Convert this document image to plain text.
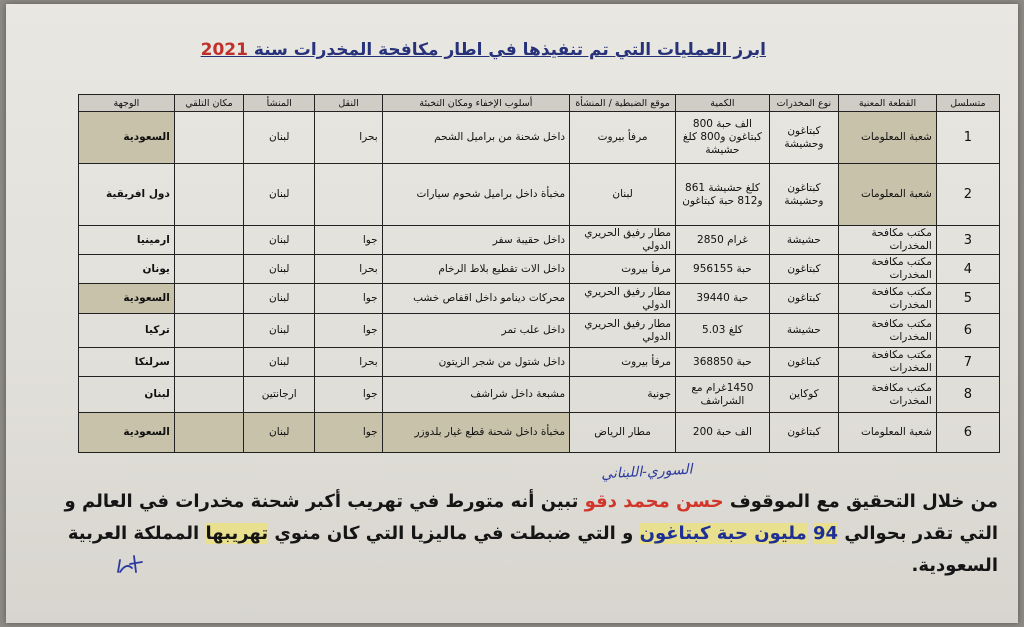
ابرز العمليات التي تم تنفيذها في اطار مكافحة المخدرات سنة 2021
متسلسل	القطعة المعنية	نوع المخدرات	الكمية	موقع الضبطية / المنشأة	أسلوب الإخفاء ومكان التخبئة	النقل	المنشأ	مكان التلقي	الوجهة
1	شعبة المعلومات	كبتاغون وحشيشة	الف حبة 800 كبتاغون و800 كلغ حشيشة	مرفأ بيروت	داخل شحنة من براميل الشحم	بحرا	لبنان		السعودية
2	شعبة المعلومات	كبتاغون وحشيشة	كلغ حشيشة 861 و812 حبة كبتاغون	لبنان	مخبأة داخل براميل شحوم سيارات		لبنان		دول افريقية
3	مكتب مكافحة المخدرات	حشيشة	غرام 2850	مطار رفيق الحريري الدولي	داخل حقيبة سفر	جوا	لبنان		ارمينيا
4	مكتب مكافحة المخدرات	كبتاغون	حبة 956155	مرفأ بيروت	داخل الات تقطيع بلاط الرخام	بحرا	لبنان		يونان
5	مكتب مكافحة المخدرات	كبتاغون	حبة 39440	مطار رفيق الحريري الدولي	محركات دينامو داخل اقفاص خشب	جوا	لبنان		السعودية
6	مكتب مكافحة المخدرات	حشيشة	كلغ 5.03	مطار رفيق الحريري الدولي	داخل علب تمر	جوا	لبنان		تركيا
7	مكتب مكافحة المخدرات	كبتاغون	حبة 368850	مرفأ بيروت	داخل شتول من شجر الزيتون	بحرا	لبنان		سرلنكا
8	مكتب مكافحة المخدرات	كوكاين	1450غرام مع الشراشف	جونية	مشبعة داخل شراشف	جوا	ارجانتين		لبنان
6	شعبة المعلومات	كبتاغون	الف حبة 200	مطار الرياض	مخبأة داخل شحنة قطع غيار بلدوزر	جوا	لبنان		السعودية
السوري-اللبناني
من خلال التحقيق مع الموقوف حسن محمد دقو تبين أنه متورط في تهريب أكبر شحنة مخدرات في العالم و التي تقدر بحوالي 94 مليون حبة كبتاغون و التي ضبطت في ماليزيا التي كان منوي تهريبها المملكة العربية السعودية.
